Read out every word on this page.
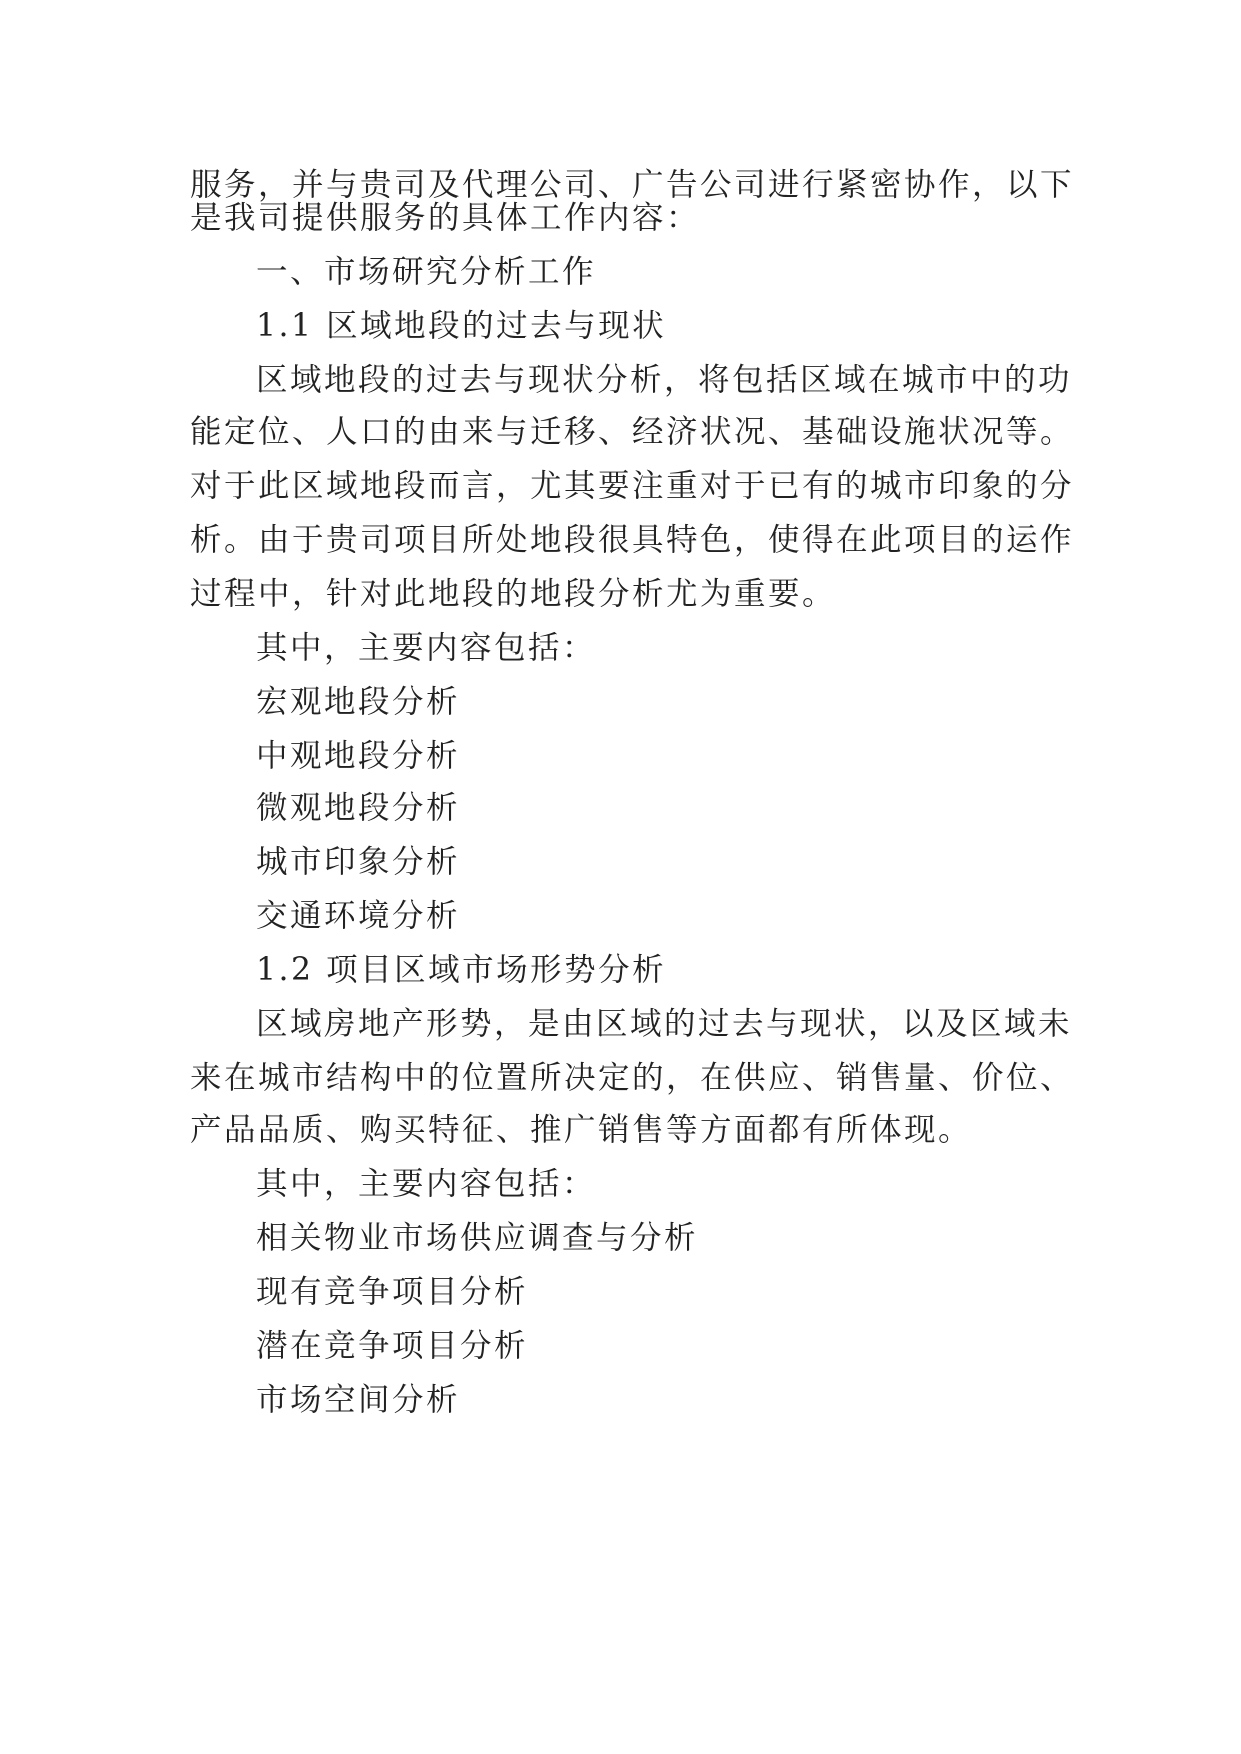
服务，并与贵司及代理公司、广告公司进行紧密协作，以下
是我司提供服务的具体工作内容：
一、市场研究分析工作
1.1 区域地段的过去与现状
区域地段的过去与现状分析，将包括区域在城市中的功
能定位、人口的由来与迁移、经济状况、基础设施状况等。
对于此区域地段而言，尤其要注重对于已有的城市印象的分
析。由于贵司项目所处地段很具特色，使得在此项目的运作
过程中，针对此地段的地段分析尤为重要。
其中，主要内容包括：
宏观地段分析
中观地段分析
微观地段分析
城市印象分析
交通环境分析
1.2 项目区域市场形势分析
区域房地产形势，是由区域的过去与现状，以及区域未
来在城市结构中的位置所决定的，在供应、销售量、价位、
产品品质、购买特征、推广销售等方面都有所体现。
其中，主要内容包括：
相关物业市场供应调查与分析
现有竞争项目分析
潜在竞争项目分析
市场空间分析
